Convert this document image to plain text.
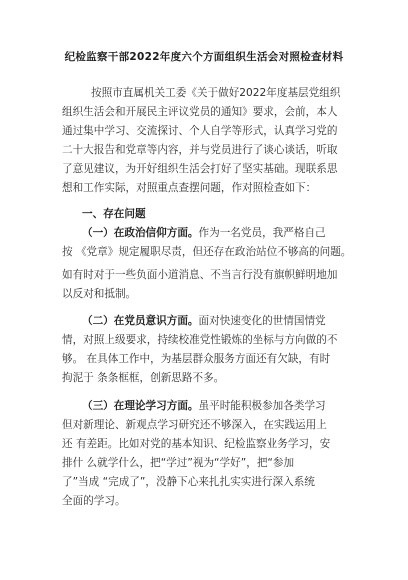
纪检监察干部2022年度六个方面组织生活会对照检查材料
按照市直属机关工委《关于做好2022年度基层党组织
组织生活会和开展民主评议党员的通知》要求，会前，本人
通过集中学习、交流探讨、个人自学等形式，认真学习党的
二十大报告和党章等内容，并与党员进行了谈心谈话，听取
了意见建议，为开好组织生活会打好了坚实基础。现联系思
想和工作实际，对照重点查摆问题，作对照检查如下：
一、存在问题
（一）在政治信仰方面。作为一名党员，我严格自己
按 《党章》规定履职尽责，但还存在政治站位不够高的问题。
如有时对于一些负面小道消息、不当言行没有旗帜鲜明地加
以反对和抵制。
（二）在党员意识方面。面对快速变化的世情国情党
情，对照上级要求，持续校准党性锻炼的坐标与方向做的不
够。 在具体工作中，为基层群众服务方面还有欠缺，有时
拘泥于 条条框框，创新思路不多。
（三）在理论学习方面。虽平时能积极参加各类学习
但对新理论、新观点学习研究还不够深入，在实践运用上
还 有差距。比如对党的基本知识、纪检监察业务学习，安
排什 么就学什么，把“学过”视为“学好”，把“参加
了”当成 “完成了”，没静下心来扎扎实实进行深入系统
全面的学习。
